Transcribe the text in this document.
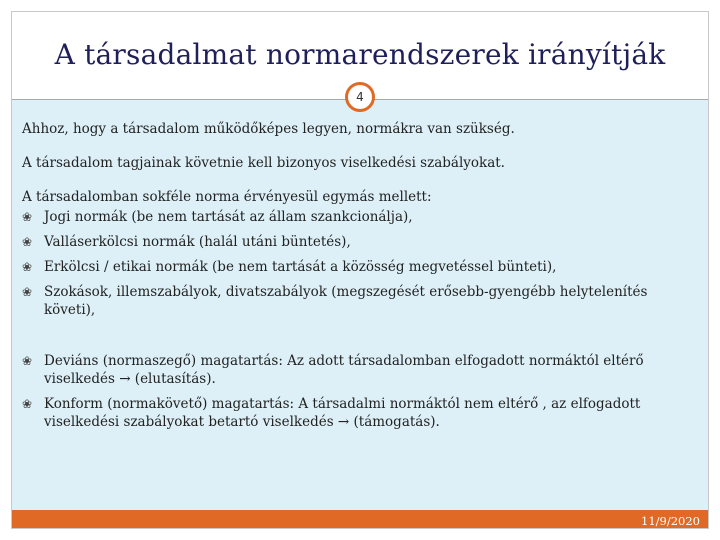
A társadalmat normarendszerek irányítják
4

Ahhoz, hogy a társadalom működőképes legyen, normákra van szükség.

A társadalom tagjainak követnie kell bizonyos viselkedési szabályokat.

A társadalomban sokféle norma érvényesül egymás mellett:

❀ Jogi normák (be nem tartását az állam szankcionálja),
❀ Valláserkölcsi normák (halál utáni büntetés),
❀ Erkölcsi / etikai normák (be nem tartását a közösség megvetéssel bünteti),
❀ Szokások, illemszabályok, divatszabályok (megszegését erősebb-gyengébb helytelenítés követi),
❀ Deviáns (normaszegő) magatartás: Az adott társadalomban elfogadott normáktól eltérő viselkedés → (elutasítás).
❀ Konform (normakövető) magatartás: A társadalmi normáktól nem eltérő , az elfogadott viselkedési szabályokat betartó viselkedés → (támogatás).
11/9/2020
